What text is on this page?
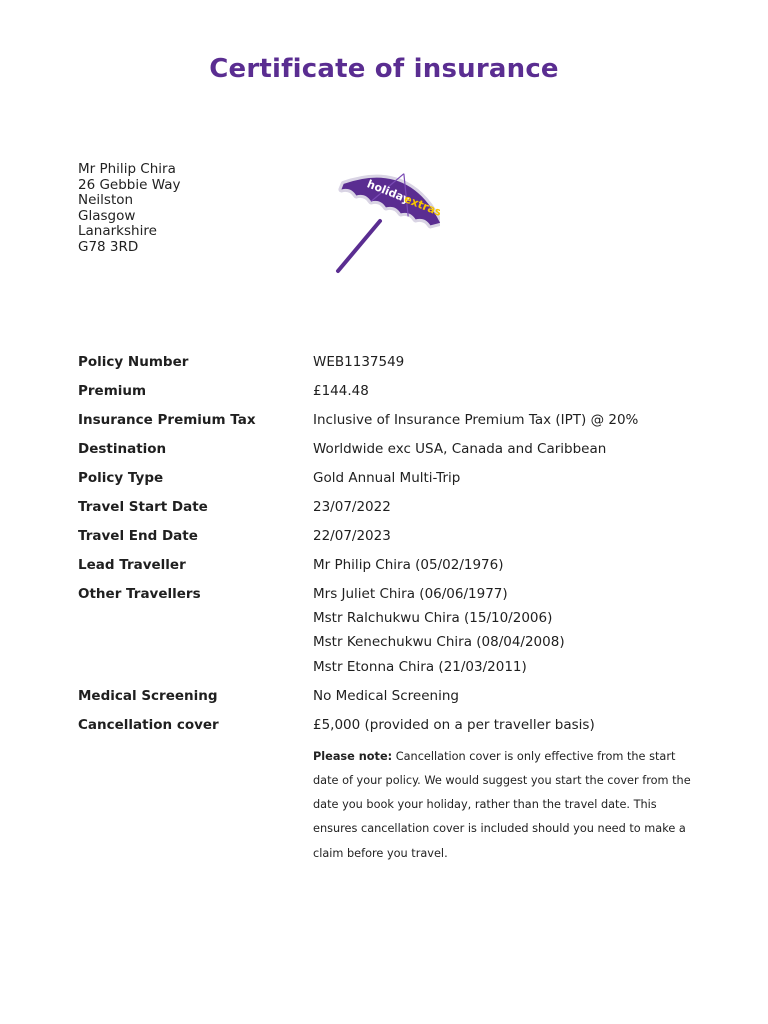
Certificate of insurance
Mr Philip Chira
26 Gebbie Way
Neilston
Glasgow
Lanarkshire
G78 3RD
holiday
extras
Policy Number	WEB1137549
Premium	£144.48
Insurance Premium Tax	Inclusive of Insurance Premium Tax (IPT) @ 20%
Destination	Worldwide exc USA, Canada and Caribbean
Policy Type	Gold Annual Multi-Trip
Travel Start Date	23/07/2022
Travel End Date	22/07/2023
Lead Traveller	Mr Philip Chira (05/02/1976)
Other Travellers	Mrs Juliet Chira (06/06/1977)
Mstr Ralchukwu Chira (15/10/2006)
Mstr Kenechukwu Chira (08/04/2008)
Mstr Etonna Chira (21/03/2011)
Medical Screening	No Medical Screening
Cancellation cover	£5,000 (provided on a per traveller basis)
Please note: Cancellation cover is only effective from the start date of your policy. We would suggest you start the cover from the date you book your holiday, rather than the travel date. This ensures cancellation cover is included should you need to make a claim before you travel.
